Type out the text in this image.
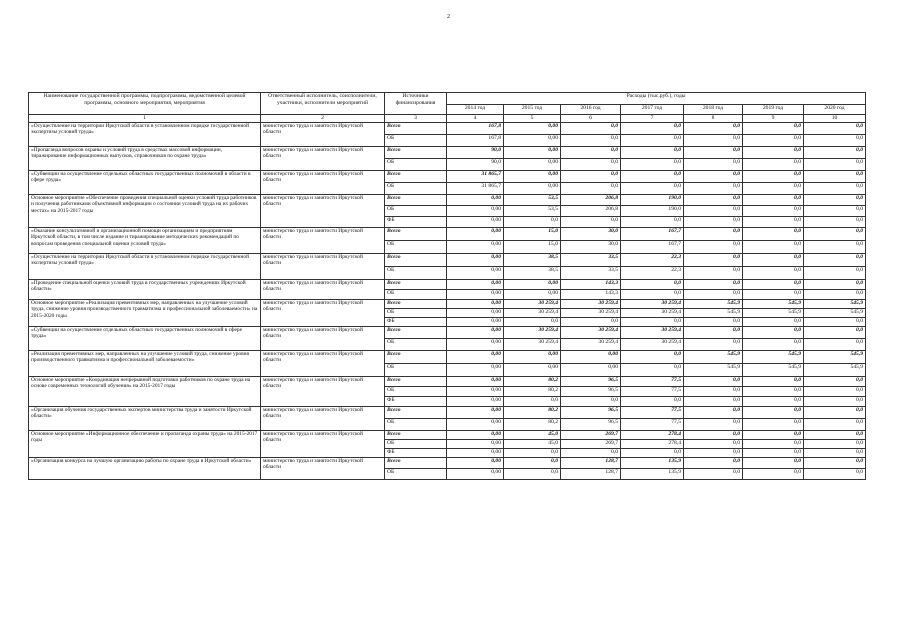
2
Наименование государственной программы, подпрограммы, ведомственной целевой программы, основного мероприятия, мероприятия	Ответственный исполнитель, соисполнители, участники, исполнители мероприятий	Источники финансирования	Расходы (тыс.руб.), годы						
			2014 год	2015 год	2016 год	2017 год	2018 год	2019 год	2020 год
1	2	3	4	5	6	7	8	9	10
«Осуществление на территории Иркутской области в установленном порядке государственной экспертизы условий труда»	министерство труда и занятости Иркутской области	Всего	167,8	0,00	0,0	0,0	0,0	0,0	0,0
		ОБ	167,8	0,00	0,0	0,0	0,0	0,0	0,0
«Пропаганда вопросов охраны и условий труда в средствах массовой информации, тиражирование информационных выпусков, справочников по охране труда»	министерство труда и занятости Иркутской области	Всего	90,0	0,00	0,0	0,0	0,0	0,0	0,0
		ОБ	90,0	0,00	0,0	0,0	0,0	0,0	0,0
«Субвенции на осуществление отдельных областных государственных полномочий в области в сфере труда»	министерство труда и занятости Иркутской области	Всего	31 865,7	0,00	0,0	0,0	0,0	0,0	0,0
		ОБ	31 865,7	0,00	0,0	0,0	0,0	0,0	0,0
Основное мероприятие «Обеспечение проведения специальной оценки условий труда работников и получения работниками объективной информации о состоянии условий труда на их рабочих местах» на 2015-2017 годы	министерство труда и занятости Иркутской области	Всего	0,00	53,5	206,8	190,0	0,0	0,0	0,0
		ОБ	0,00	53,5	206,8	190,0	0,0	0,0	0,0
		ФБ	0,00	0,0	0,0	0,0	0,0	0,0	0,0
«Оказание консультативной и организационной помощи организациям и предприятиям Иркутской области, в том числе издание и тиражирование методических рекомендаций по вопросам проведения специальной оценки условий труда»	министерство труда и занятости Иркутской области	Всего	0,00	15,0	30,0	167,7	0,0	0,0	0,0
		ОБ	0,00	15,0	30,0	167,7	0,0	0,0	0,0
«Осуществление на территории Иркутской области в установленном порядке государственной экспертизы условий труда»	министерство труда и занятости Иркутской области	Всего	0,00	38,5	33,5	22,3	0,0	0,0	0,0
		ОБ	0,00	38,5	33,5	22,3	0,0	0,0	0,0
«Проведение специальной оценки условий труда в государственных учреждениях Иркутской области»	министерство труда и занятости Иркутской области	Всего	0,00	0,00	143,3	0,0	0,0	0,0	0,0
		ОБ	0,00	0,00	143,3	0,0	0,0	0,0	0,0
Основное мероприятие «Реализация превентивных мер, направленных на улучшение условий труда, снижение уровня производственного травматизма и профессиональной заболеваемости» на 2015-2020 годы	министерство труда и занятости Иркутской области	Всего	0,00	30 259,4	30 259,4	30 259,4	545,9	545,9	545,9
		ОБ	0,00	30 259,4	30 259,4	30 259,4	545,9	545,9	545,9
		ФБ	0,00	0,0	0,0	0,0	0,0	0,0	0,0
«Субвенции на осуществление отдельных областных государственных полномочий в сфере труда»	министерство труда и занятости Иркутской области	Всего	0,00	30 259,4	30 259,4	30 259,4	0,0	0,0	0,0
		ОБ	0,00	30 259,4	30 259,4	30 259,4	0,0	0,0	0,0
«Реализация превентивных мер, направленных на улучшение условий труда, снижение уровня производственного травматизма и профессиональной заболеваемости»	министерство труда и занятости Иркутской области	Всего	0,00	0,00	0,00	0,0	545,9	545,9	545,9
		ОБ	0,00	0,00	0,00	0,0	545,9	545,9	545,9
Основное мероприятие «Координация непрерывной подготовки работников по охране труда на основе современных технологий обучения» на 2015-2017 годы	министерство труда и занятости Иркутской области	Всего	0,00	80,2	96,5	77,5	0,0	0,0	0,0
		ОБ	0,00	80,2	96,5	77,5	0,0	0,0	0,0
		ФБ	0,00	0,0	0,0	0,0	0,0	0,0	0,0
«Организация обучения государственных экспертов министерства труда и занятости Иркутской области»	министерство труда и занятости Иркутской области	Всего	0,00	80,2	96,5	77,5	0,0	0,0	0,0
		ОБ	0,00	80,2	96,5	77,5	0,0	0,0	0,0
Основное мероприятие «Информационное обеспечение и пропаганда охраны труда» на 2015-2017 годы	министерство труда и занятости Иркутской области	Всего	0,00	45,0	269,7	278,4	0,0	0,0	0,0
		ОБ	0,00	45,0	269,7	278,4	0,0	0,0	0,0
		ФБ	0,00	0,0	0,0	0,0	0,0	0,0	0,0
«Организация конкурса на лучшую организацию работы по охране труда в Иркутской области»	министерство труда и занятости Иркутской области	Всего	0,00	0,0	128,7	135,9	0,0	0,0	0,0
		ОБ	0,00	0,0	128,7	135,9	0,0	0,0	0,0
